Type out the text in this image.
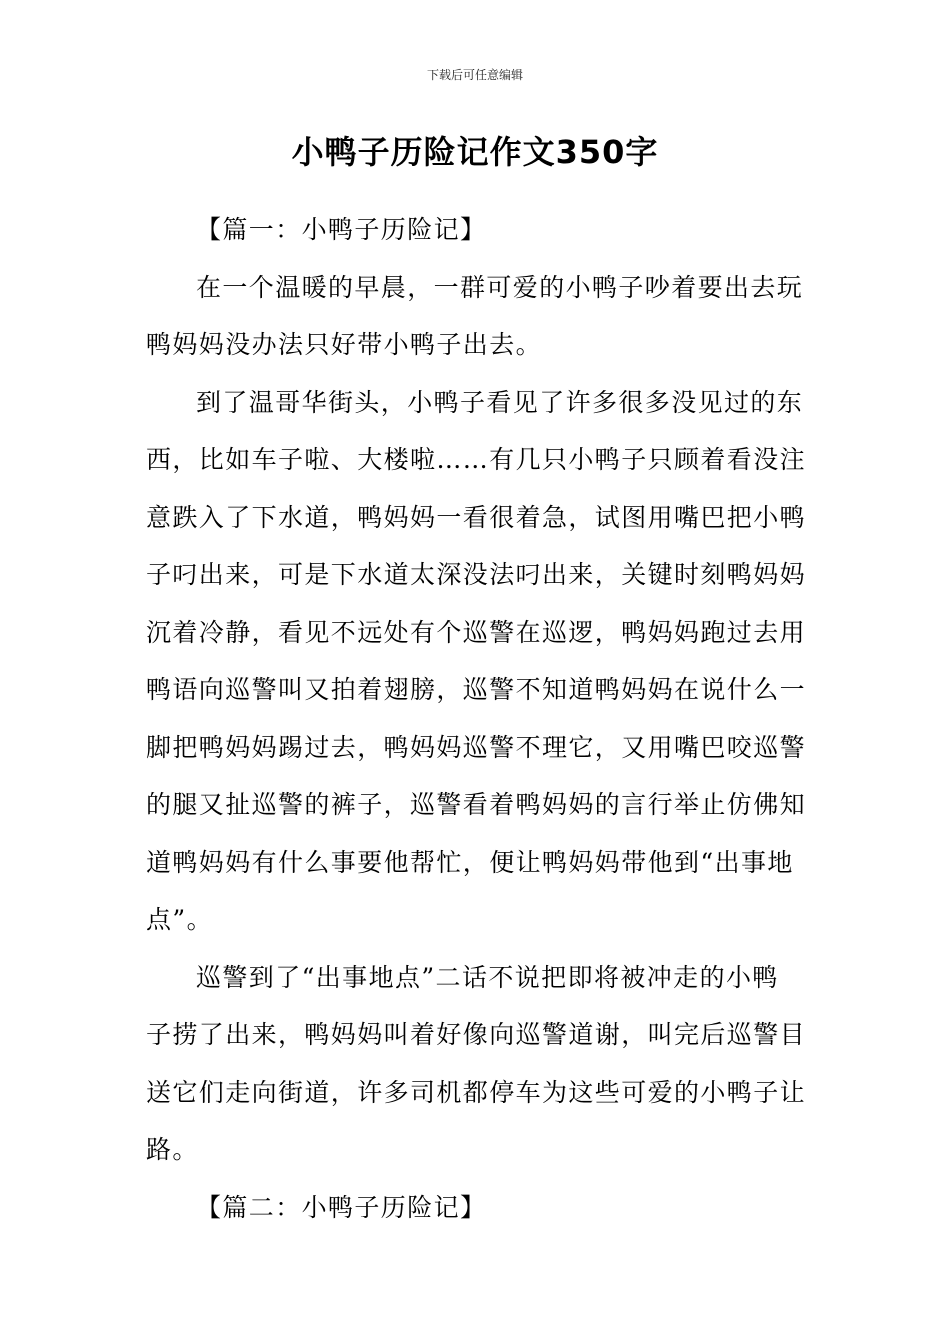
下载后可任意编辑
小鸭子历险记作文350字
【篇一：小鸭子历险记】
在一个温暖的早晨，一群可爱的小鸭子吵着要出去玩
鸭妈妈没办法只好带小鸭子出去。
到了温哥华街头，小鸭子看见了许多很多没见过的东
西，比如车子啦、大楼啦……有几只小鸭子只顾着看没注
意跌入了下水道，鸭妈妈一看很着急，试图用嘴巴把小鸭
子叼出来，可是下水道太深没法叼出来，关键时刻鸭妈妈
沉着冷静，看见不远处有个巡警在巡逻，鸭妈妈跑过去用
鸭语向巡警叫又拍着翅膀，巡警不知道鸭妈妈在说什么一
脚把鸭妈妈踢过去，鸭妈妈巡警不理它，又用嘴巴咬巡警
的腿又扯巡警的裤子，巡警看着鸭妈妈的言行举止仿佛知
道鸭妈妈有什么事要他帮忙，便让鸭妈妈带他到“出事地
点”。
巡警到了“出事地点”二话不说把即将被冲走的小鸭
子捞了出来，鸭妈妈叫着好像向巡警道谢，叫完后巡警目
送它们走向街道，许多司机都停车为这些可爱的小鸭子让
路。
【篇二：小鸭子历险记】
